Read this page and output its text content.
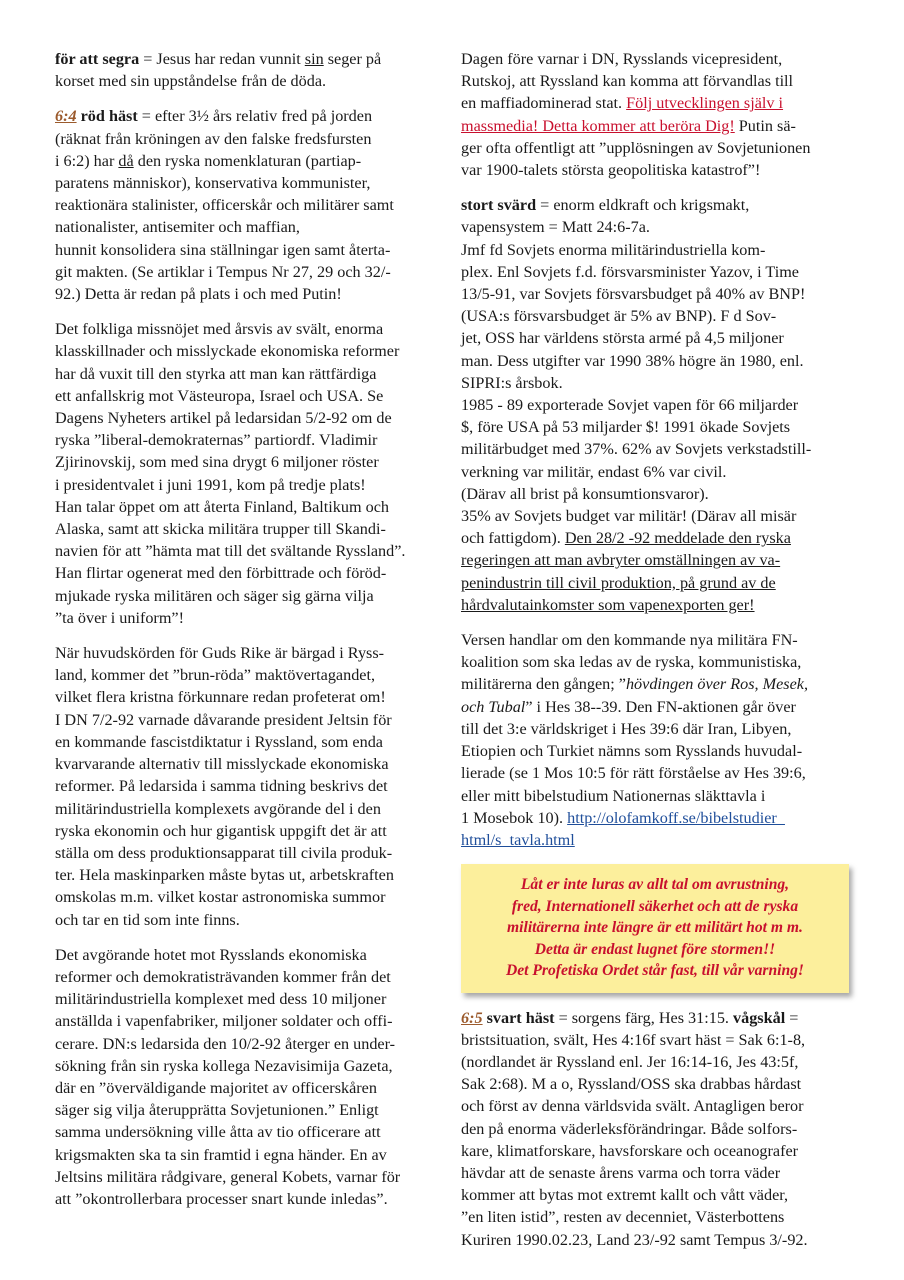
för att segra = Jesus har redan vunnit sin seger på
korset med sin uppståndelse från de döda.
6:4 röd häst = efter 3½ års relativ fred på jorden
(räknat från kröningen av den falske fredsfursten
i 6:2) har då den ryska nomenklaturan (partiap-
paratens människor), konservativa kommunister,
reaktionära stalinister, officerskår och militärer samt
nationalister, antisemiter och maffian,
hunnit konsolidera sina ställningar igen samt återta-
git makten. (Se artiklar i Tempus Nr 27, 29 och 32/-
92.) Detta är redan på plats i och med Putin!
Det folkliga missnöjet med årsvis av svält, enorma
klasskillnader och misslyckade ekonomiska reformer
har då vuxit till den styrka att man kan rättfärdiga
ett anfallskrig mot Västeuropa, Israel och USA. Se
Dagens Nyheters artikel på ledarsidan 5/2-92 om de
ryska ”liberal-demokraternas” partiordf. Vladimir
Zjirinovskij, som med sina drygt 6 miljoner röster
i presidentvalet i juni 1991, kom på tredje plats!
Han talar öppet om att återta Finland, Baltikum och
Alaska, samt att skicka militära trupper till Skandi-
navien för att ”hämta mat till det svältande Ryssland”.
Han flirtar ogenerat med den förbittrade och föröd-
mjukade ryska militären och säger sig gärna vilja
”ta över i uniform”!
När huvudskörden för Guds Rike är bärgad i Ryss-
land, kommer det ”brun-röda” maktövertagandet,
vilket flera kristna förkunnare redan profeterat om!
I DN 7/2-92 varnade dåvarande president Jeltsin för
en kommande fascistdiktatur i Ryssland, som enda
kvarvarande alternativ till misslyckade ekonomiska
reformer. På ledarsida i samma tidning beskrivs det
militärindustriella komplexets avgörande del i den
ryska ekonomin och hur gigantisk uppgift det är att
ställa om dess produktionsapparat till civila produk-
ter. Hela maskinparken måste bytas ut, arbetskraften
omskolas m.m. vilket kostar astronomiska summor
och tar en tid som inte finns.
Det avgörande hotet mot Rysslands ekonomiska
reformer och demokratisträvanden kommer från det
militärindustriella komplexet med dess 10 miljoner
anställda i vapenfabriker, miljoner soldater och offi-
cerare. DN:s ledarsida den 10/2-92 återger en under-
sökning från sin ryska kollega Nezavisimija Gazeta,
där en ”överväldigande majoritet av officerskåren
säger sig vilja återupprätta Sovjetunionen.” Enligt
samma undersökning ville åtta av tio officerare att
krigsmakten ska ta sin framtid i egna händer. En av
Jeltsins militära rådgivare, general Kobets, varnar för
att ”okontrollerbara processer snart kunde inledas”.
Dagen före varnar i DN, Rysslands vicepresident,
Rutskoj, att Ryssland kan komma att förvandlas till
en maffiadominerad stat. Följ utvecklingen själv i
massmedia! Detta kommer att beröra Dig! Putin sä-
ger ofta offentligt att ”upplösningen av Sovjetunionen
var 1900-talets största geopolitiska katastrof”!
stort svärd = enorm eldkraft och krigsmakt,
vapensystem = Matt 24:6-7a.
Jmf fd Sovjets enorma militärindustriella kom-
plex. Enl Sovjets f.d. försvarsminister Yazov, i Time
13/5-91, var Sovjets försvarsbudget på 40% av BNP!
(USA:s försvarsbudget är 5% av BNP). F d Sov-
jet, OSS har världens största armé på 4,5 miljoner
man. Dess utgifter var 1990 38% högre än 1980, enl.
SIPRI:s årsbok.
1985 - 89 exporterade Sovjet vapen för 66 miljarder
$, före USA på 53 miljarder $! 1991 ökade Sovjets
militärbudget med 37%. 62% av Sovjets verkstadstill-
verkning var militär, endast 6% var civil.
(Därav all brist på konsumtionsvaror).
35% av Sovjets budget var militär! (Därav all misär
och fattigdom). Den 28/2 -92 meddelade den ryska
regeringen att man avbryter omställningen av va-
penindustrin till civil produktion, på grund av de
hårdvalutainkomster som vapenexporten ger!
Versen handlar om den kommande nya militära FN-
koalition som ska ledas av de ryska, kommunistiska,
militärerna den gången; ”hövdingen över Ros, Mesek,
och Tubal” i Hes 38--39. Den FN-aktionen går över
till det 3:e världskriget i Hes 39:6 där Iran, Libyen,
Etiopien och Turkiet nämns som Rysslands huvudal-
lierade (se 1 Mos 10:5 för rätt förståelse av Hes 39:6,
eller mitt bibelstudium Nationernas släkttavla i
1 Mosebok 10). http://olofamkoff.se/bibelstudier_
html/s_tavla.html
Låt er inte luras av allt tal om avrustning,
fred, Internationell säkerhet och att de ryska
militärerna inte längre är ett militärt hot m m.
Detta är endast lugnet före stormen!!
Det Profetiska Ordet står fast, till vår varning!
6:5 svart häst = sorgens färg, Hes 31:15. vågskål =
bristsituation, svält, Hes 4:16f svart häst = Sak 6:1-8,
(nordlandet är Ryssland enl. Jer 16:14-16, Jes 43:5f,
Sak 2:68). M a o, Ryssland/OSS ska drabbas hårdast
och först av denna världsvida svält. Antagligen beror
den på enorma väderleksförändringar. Både solfors-
kare, klimatforskare, havsforskare och oceanografer
hävdar att de senaste årens varma och torra väder
kommer att bytas mot extremt kallt och vått väder,
”en liten istid”, resten av decenniet, Västerbottens
Kuriren 1990.02.23, Land 23/-92 samt Tempus 3/-92.
